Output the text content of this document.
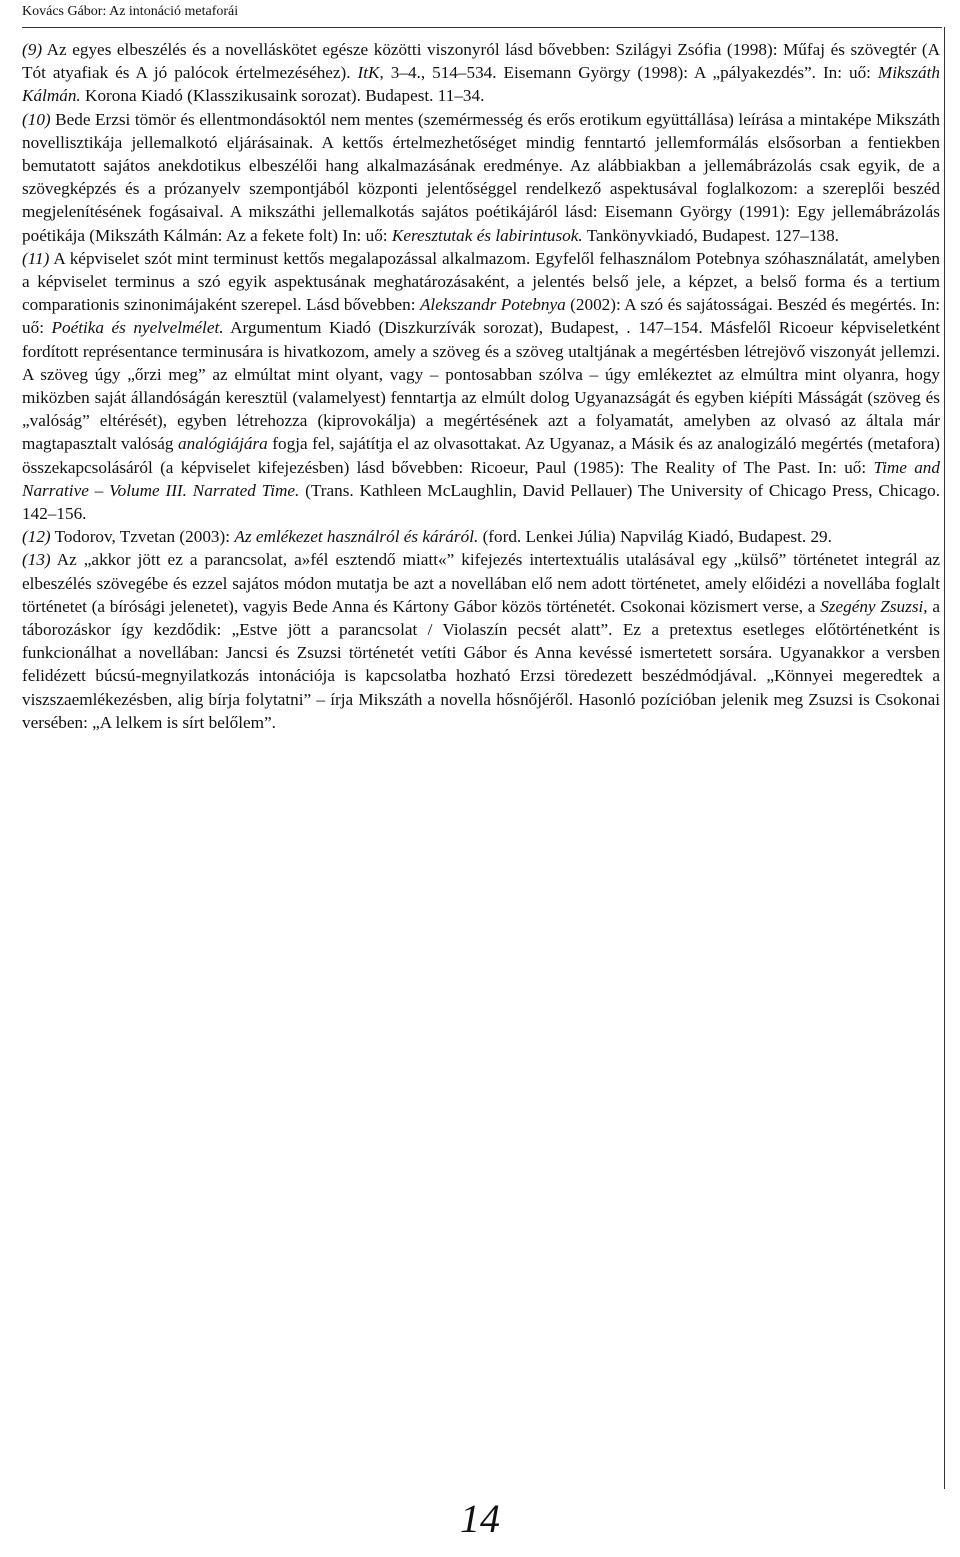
Kovács Gábor: Az intonáció metaforái

(9) Az egyes elbeszélés és a novelláskötet egésze közötti viszonyról lásd bővebben: Szilágyi Zsófia (1998): Műfaj és szövegtér (A Tót atyafiak és A jó palócok értelmezéséhez). ItK, 3–4., 514–534. Eisemann György (1998): A „pályakezdés”. In: uő: Mikszáth Kálmán. Korona Kiadó (Klasszikusaink sorozat). Budapest. 11–34.

(10) Bede Erzsi tömör és ellentmondásoktól nem mentes (szemérmesség és erős erotikum együttállása) leírása a mintaképe Mikszáth novellisztikája jellemalkotó eljárásainak. A kettős értelmezhetőséget mindig fenntartó jellemformálás elsősorban a fentiekben bemutatott sajátos anekdotikus elbeszélői hang alkalmazásának eredménye. Az alábbiakban a jellemábrázolás csak egyik, de a szövegképzés és a prózanyelv szempontjából központi jelentőséggel rendelkező aspektusával foglalkozom: a szereplői beszéd megjelenítésének fogásaival. A mikszáthi jellemalkotás sajátos poétikájáról lásd: Eisemann György (1991): Egy jellemábrázolás poétikája (Mikszáth Kálmán: Az a fekete folt) In: uő: Keresztutak és labirintusok. Tankönyvkiadó, Budapest. 127–138.

(11) A képviselet szót mint terminust kettős megalapozással alkalmazom. Egyfelől felhasználom Potebnya szóhasználatát, amelyben a képviselet terminus a szó egyik aspektusának meghatározásaként, a jelentés belső jele, a képzet, a belső forma és a tertium comparationis szinonimájaként szerepel. Lásd bővebben: Alekszandr Potebnya (2002): A szó és sajátosságai. Beszéd és megértés. In: uő: Poétika és nyelvelmélet. Argumentum Kiadó (Diszkurzívák sorozat), Budapest, . 147–154. Másfelől Ricoeur képviseletként fordított représentance terminusára is hivatkozom, amely a szöveg és a szöveg utaltjának a megértésben létrejövő viszonyát jellemzi. A szöveg úgy „őrzi meg” az elmúltat mint olyant, vagy – pontosabban szólva – úgy emlékeztet az elmúltra mint olyanra, hogy miközben saját állandóságán keresztül (valamelyest) fenntartja az elmúlt dolog Ugyanazságát és egyben kiépíti Másságát (szöveg és „valóság” eltérését), egyben létrehozza (kiprovokálja) a megértésének azt a folyamatát, amelyben az olvasó az általa már magtapasztalt valóság analógiájára fogja fel, sajátítja el az olvasottakat. Az Ugyanaz, a Másik és az analogizáló megértés (metafora) összekapcsolásáról (a képviselet kifejezésben) lásd bővebben: Ricoeur, Paul (1985): The Reality of The Past. In: uő: Time and Narrative – Volume III. Narrated Time. (Trans. Kathleen McLaughlin, David Pellauer) The University of Chicago Press, Chicago. 142–156.

(12) Todorov, Tzvetan (2003): Az emlékezet használról és káráról. (ford. Lenkei Júlia) Napvilág Kiadó, Budapest. 29.

(13) Az „akkor jött ez a parancsolat, a»fél esztendő miatt«” kifejezés intertextuális utalásával egy „külső” történetet integrál az elbeszélés szövegébe és ezzel sajátos módon mutatja be azt a novellában elő nem adott történetet, amely előidézi a novellába foglalt történetet (a bírósági jelenetet), vagyis Bede Anna és Kártony Gábor közös történetét. Csokonai közismert verse, a Szegény Zsuzsi, a táborozáskor így kezdődik: „Estve jött a parancsolat / Violaszín pecsét alatt”. Ez a pretextus esetleges előtörténetként is funkcionálhat a novellában: Jancsi és Zsuzsi történetét vetíti Gábor és Anna kevéssé ismertetett sorsára. Ugyanakkor a versben felidézett búcsú-megnyilatkozás intonációja is kapcsolatba hozható Erzsi töredezett beszédmódjával. „Könnyei megeredtek a viszszaemlékezésben, alig bírja folytatni” – írja Mikszáth a novella hősnőjéről. Hasonló pozícióban jelenik meg Zsuzsi is Csokonai versében: „A lelkem is sírt belőlem”.

14
